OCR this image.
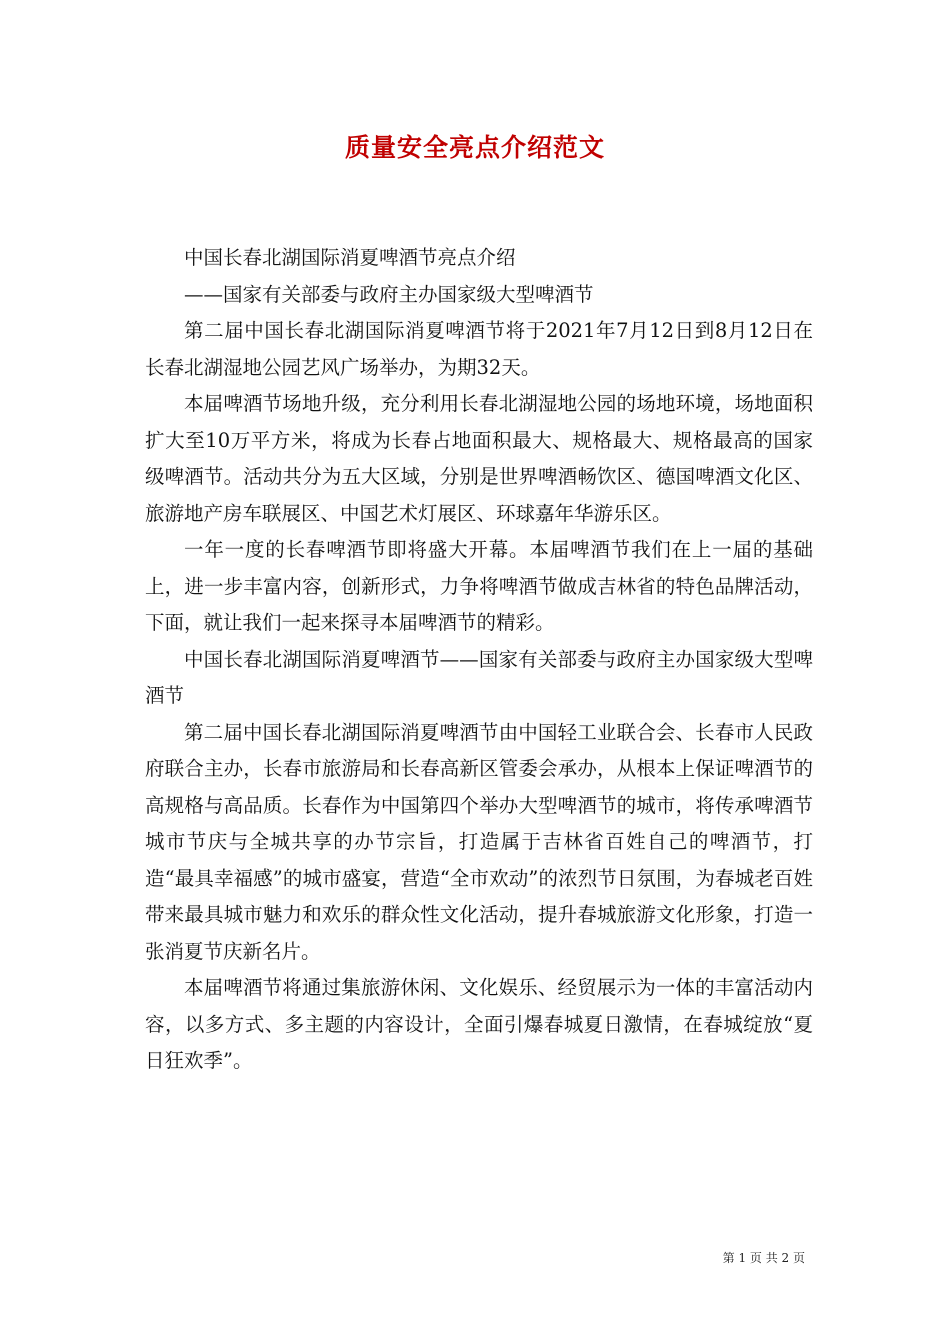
质量安全亮点介绍范文

中国长春北湖国际消夏啤酒节亮点介绍

——国家有关部委与政府主办国家级大型啤酒节

第二届中国长春北湖国际消夏啤酒节将于2021年7月12日到8月12日在长春北湖湿地公园艺风广场举办，为期32天。

本届啤酒节场地升级，充分利用长春北湖湿地公园的场地环境，场地面积扩大至10万平方米，将成为长春占地面积最大、规格最大、规格最高的国家级啤酒节。活动共分为五大区域，分别是世界啤酒畅饮区、德国啤酒文化区、旅游地产房车联展区、中国艺术灯展区、环球嘉年华游乐区。

一年一度的长春啤酒节即将盛大开幕。本届啤酒节我们在上一届的基础上，进一步丰富内容，创新形式，力争将啤酒节做成吉林省的特色品牌活动，下面，就让我们一起来探寻本届啤酒节的精彩。

中国长春北湖国际消夏啤酒节——国家有关部委与政府主办国家级大型啤酒节

第二届中国长春北湖国际消夏啤酒节由中国轻工业联合会、长春市人民政府联合主办，长春市旅游局和长春高新区管委会承办，从根本上保证啤酒节的高规格与高品质。长春作为中国第四个举办大型啤酒节的城市，将传承啤酒节城市节庆与全城共享的办节宗旨，打造属于吉林省百姓自己的啤酒节，打造“最具幸福感”的城市盛宴，营造“全市欢动”的浓烈节日氛围，为春城老百姓带来最具城市魅力和欢乐的群众性文化活动，提升春城旅游文化形象，打造一张消夏节庆新名片。

本届啤酒节将通过集旅游休闲、文化娱乐、经贸展示为一体的丰富活动内容，以多方式、多主题的内容设计，全面引爆春城夏日激情，在春城绽放“夏日狂欢季”。

第 1 页 共 2 页
